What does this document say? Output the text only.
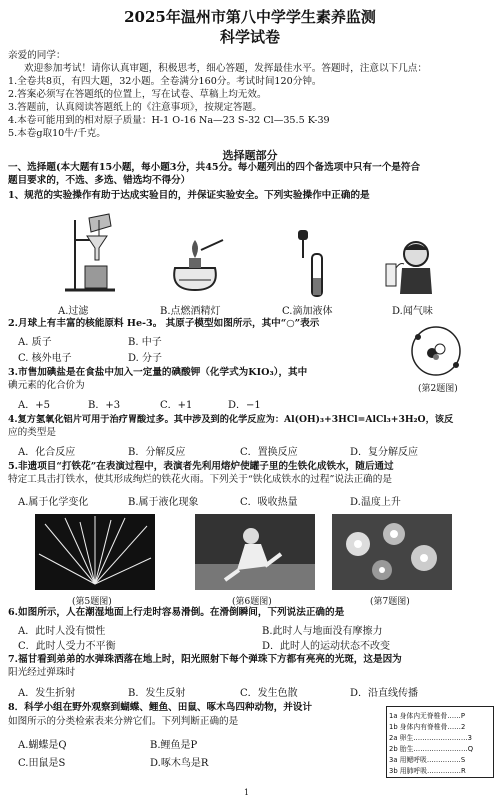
2025年温州市第八中学学生素养监测
科学试卷
亲爱的同学：
欢迎参加考试！请你认真审题，积极思考，细心答题，发挥最佳水平。答题时，注意以下几点：
1.全卷共8页，有四大题，32小题。全卷满分160分。考试时间120分钟。
2.答案必须写在答题纸的位置上，写在试卷、草稿上均无效。
3.答题前，认真阅读答题纸上的《注意事项》，按规定答题。
4.本卷可能用到的相对原子质量：H-1 O-16 Na—23 S-32 Cl—35.5 K-39
5.本卷g取10牛/千克。
选择题部分
一、选择题(本大题有15小题，每小题3分，共45分。每小题列出的四个备选项中只有一个是符合
题目要求的，不选、多选、错选均不得分）
1、规范的实验操作有助于达成实验目的，并保证实验安全。下列实验操作中正确的是
A.过滤	B.点燃酒精灯	C.滴加液体	D.闻气味
2.月球上有丰富的核能原料 He-3。 其原子模型如图所示，其中“○”表示
A. 质子	B. 中子
C. 核外电子	D. 分子
(第2题图)
3.市售加碘盐是在食盐中加入一定量的碘酸钾（化学式为KIO₃），其中
碘元素的化合价为
A．+5	B．+3	C．+1	D．−1
4.复方氢氧化铝片可用于治疗胃酸过多。其中涉及到的化学反应为：Al(OH)₃+3HCl=AlCl₃+3H₂O，该反
应的类型是
A．化合反应	B．分解反应	C．置换反应	D．复分解反应
5.非遗项目“打铁花”在表演过程中，表演者先利用熔炉使罐子里的生铁化成铁水，随后通过
特定工具击打铁水，使其形成绚烂的铁花火雨。下列关于“铁化成铁水的过程”说法正确的是
A.属于化学变化	B.属于液化现象	C．吸收热量	D.温度上升
(第5题图)	(第6题图)	(第7题图)
6.如图所示，人在潮湿地面上行走时容易滑倒。在滑倒瞬间，下列说法正确的是
A．此时人没有惯性	B.此时人与地面没有摩擦力
C．此时人受力不平衡	D．此时人的运动状态不改变
7.福甘看到弟弟的水弹珠洒落在地上时，阳光照射下每个弹珠下方都有亮亮的光斑，这是因为
阳光经过弹珠时
A．发生折射	B．发生反射	C．发生色散	D．沿直线传播
8．科学小组在野外观察到蝴蝶、鲤鱼、田鼠、啄木鸟四种动物，并设计
如图所示的分类检索表来分辨它们。下列判断正确的是
A.蝴蝶是Q	B.鲤鱼是P
C.田鼠是S	D.啄木鸟是R
1a 身体内无脊椎骨……P
1b 身体内有脊椎骨……2
2a 卵生……………………3
2b 胎生……………………Q
3a 用鳃呼吸……………S
3b 用肺呼吸……………R
1
